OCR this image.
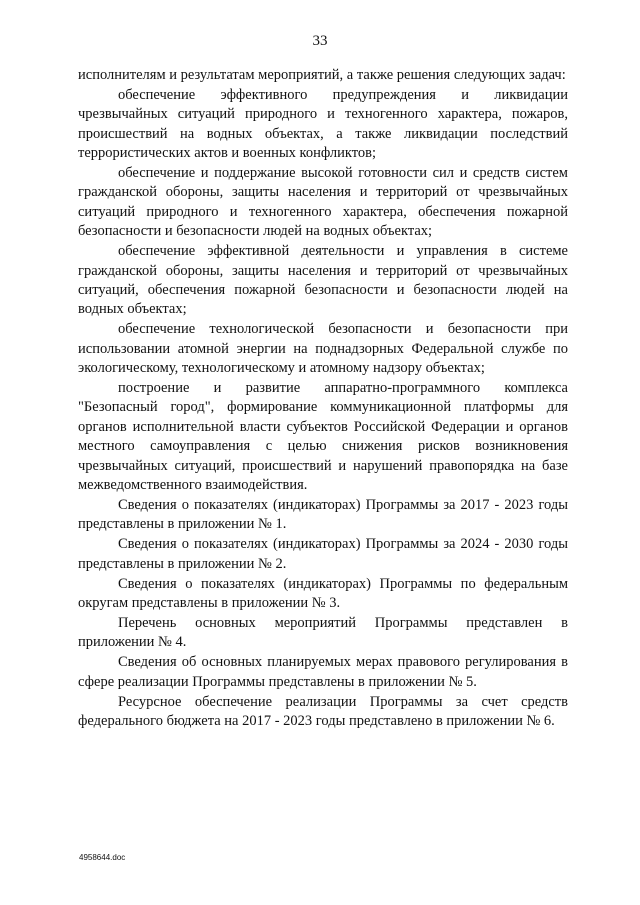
33

исполнителям и результатам мероприятий, а также решения следующих задач:

обеспечение эффективного предупреждения и ликвидации чрезвычайных ситуаций природного и техногенного характера, пожаров, происшествий на водных объектах, а также ликвидации последствий террористических актов и военных конфликтов;

обеспечение и поддержание высокой готовности сил и средств систем гражданской обороны, защиты населения и территорий от чрезвычайных ситуаций природного и техногенного характера, обеспечения пожарной безопасности и безопасности людей на водных объектах;

обеспечение эффективной деятельности и управления в системе гражданской обороны, защиты населения и территорий от чрезвычайных ситуаций, обеспечения пожарной безопасности и безопасности людей на водных объектах;

обеспечение технологической безопасности и безопасности при использовании атомной энергии на поднадзорных Федеральной службе по экологическому, технологическому и атомному надзору объектах;

построение и развитие аппаратно-программного комплекса "Безопасный город", формирование коммуникационной платформы для органов исполнительной власти субъектов Российской Федерации и органов местного самоуправления с целью снижения рисков возникновения чрезвычайных ситуаций, происшествий и нарушений правопорядка на базе межведомственного взаимодействия.

Сведения о показателях (индикаторах) Программы за 2017 - 2023 годы представлены в приложении № 1.

Сведения о показателях (индикаторах) Программы за 2024 - 2030 годы представлены в приложении № 2.

Сведения о показателях (индикаторах) Программы по федеральным округам представлены в приложении № 3.

Перечень основных мероприятий Программы представлен в приложении № 4.

Сведения об основных планируемых мерах правового регулирования в сфере реализации Программы представлены в приложении № 5.

Ресурсное обеспечение реализации Программы за счет средств федерального бюджета на 2017 - 2023 годы представлено в приложении № 6.

4958644.doc
